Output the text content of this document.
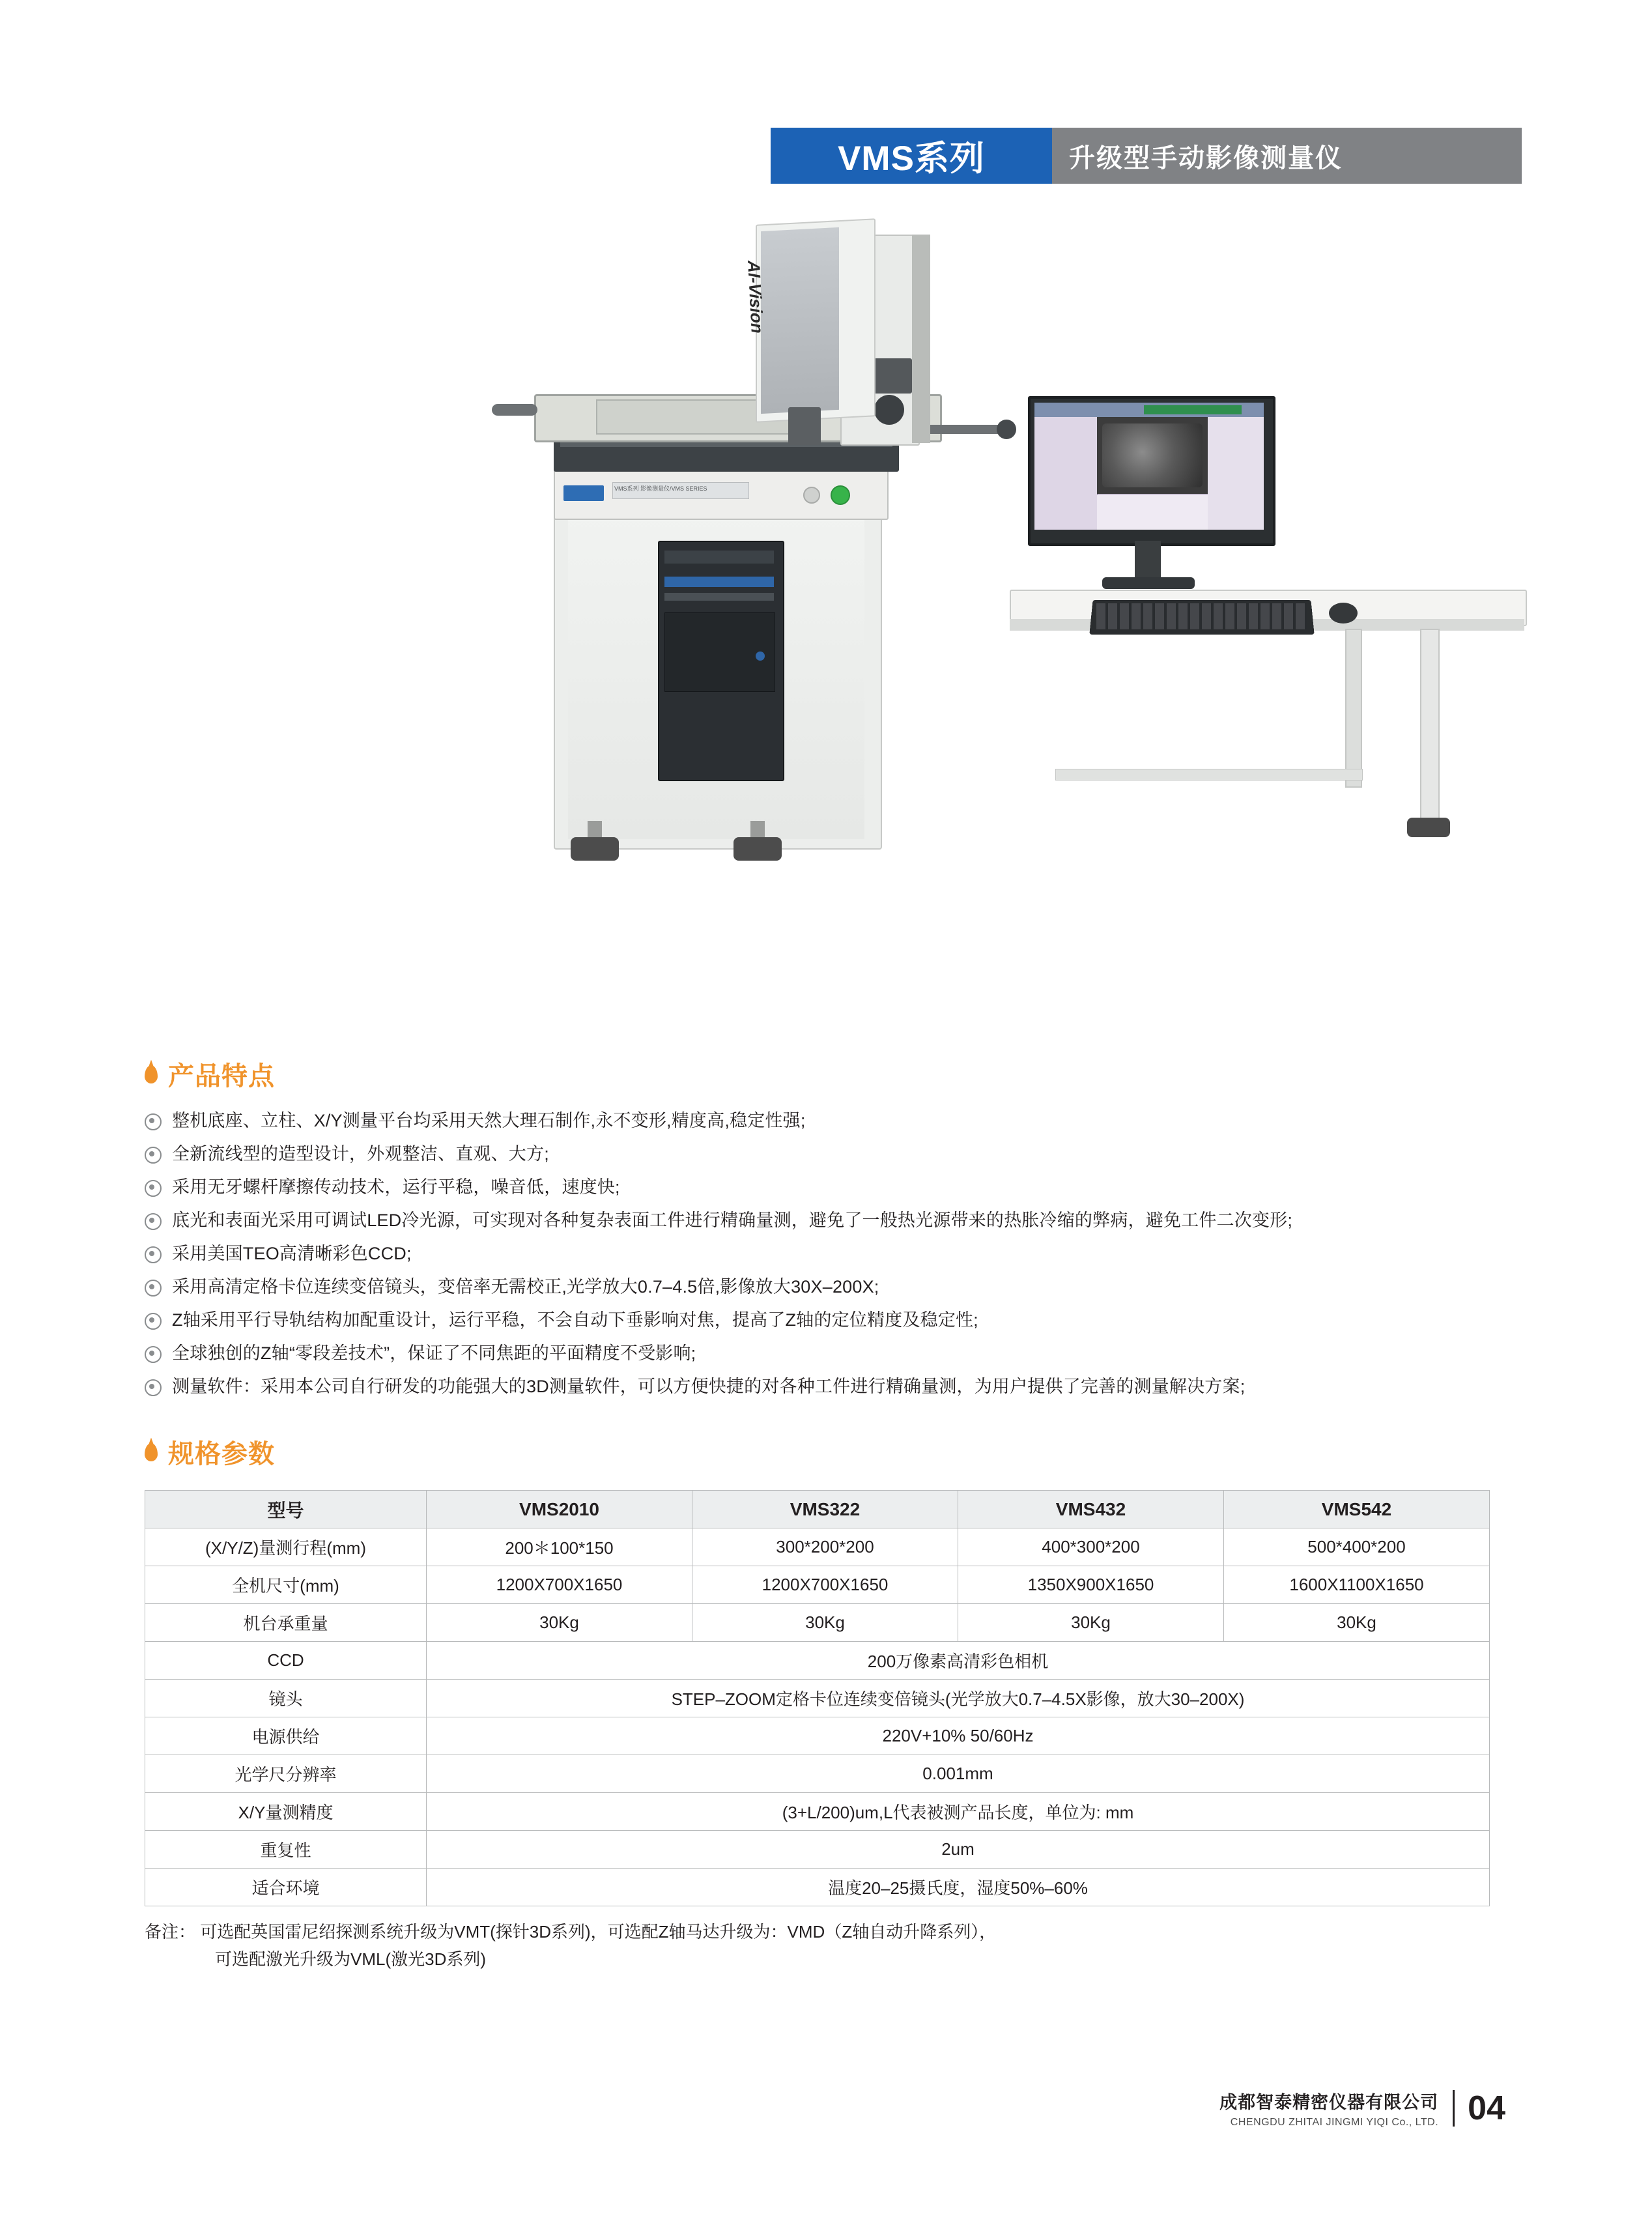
VMS系列	升级型手动影像测量仪
VMS系列 影像测量仪/VMS SERIES
AI-Vision
产品特点
整机底座、立柱、X/Y测量平台均采用天然大理石制作,永不变形,精度高,稳定性强;
全新流线型的造型设计，外观整洁、直观、大方;
采用无牙螺杆摩擦传动技术，运行平稳，噪音低，速度快;
底光和表面光采用可调试LED冷光源，可实现对各种复杂表面工件进行精确量测，避免了一般热光源带来的热胀冷缩的弊病，避免工件二次变形;
采用美国TEO高清晰彩色CCD;
采用高清定格卡位连续变倍镜头，变倍率无需校正,光学放大0.7–4.5倍,影像放大30X–200X;
Z轴采用平行导轨结构加配重设计，运行平稳，不会自动下垂影响对焦，提高了Z轴的定位精度及稳定性;
全球独创的Z轴“零段差技术”，保证了不同焦距的平面精度不受影响;
测量软件：采用本公司自行研发的功能强大的3D测量软件，可以方便快捷的对各种工件进行精确量测，为用户提供了完善的测量解决方案;
规格参数
型号	VMS2010	VMS322	VMS432	VMS542
(X/Y/Z)量测行程(mm)	200＊100*150	300*200*200	400*300*200	500*400*200
全机尺寸(mm)	1200X700X1650	1200X700X1650	1350X900X1650	1600X1100X1650
机台承重量	30Kg	30Kg	30Kg	30Kg
CCD	200万像素高清彩色相机			
镜头	STEP–ZOOM定格卡位连续变倍镜头(光学放大0.7–4.5X影像，放大30–200X)			
电源供给	220V+10% 50/60Hz			
光学尺分辨率	0.001mm			
X/Y量测精度	(3+L/200)um,L代表被测产品长度，单位为: mm			
重复性	2um			
适合环境	温度20–25摄氏度，湿度50%–60%			
备注： 可选配英国雷尼绍探测系统升级为VMT(探针3D系列)，可选配Z轴马达升级为：VMD（Z轴自动升降系列），
可选配激光升级为VML(激光3D系列)
成都智泰精密仪器有限公司
CHENGDU ZHITAI JINGMI YIQI Co., LTD. 04
